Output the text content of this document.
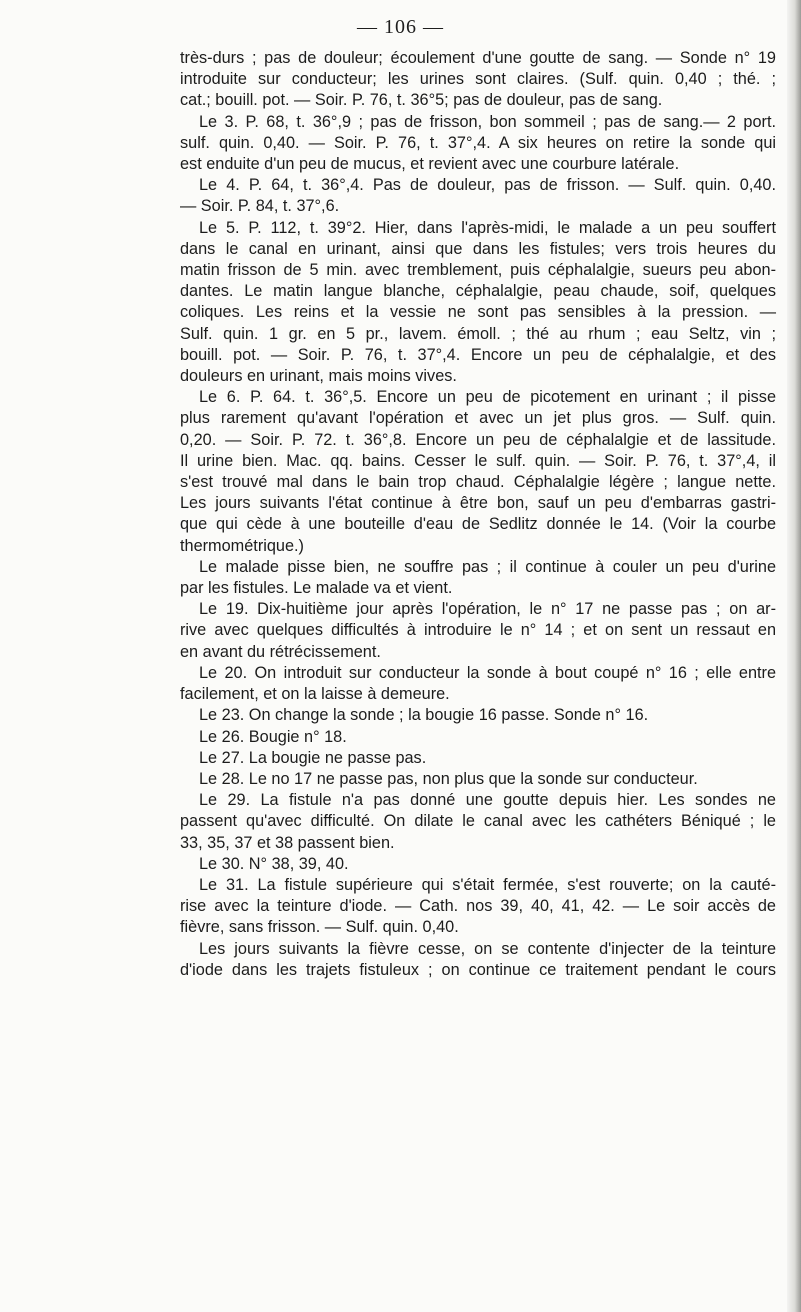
— 106 —
très-durs ; pas de douleur; écoulement d'une goutte de sang. — Sonde n° 19
introduite sur conducteur; les urines sont claires. (Sulf. quin. 0,40 ; thé. ;
cat.; bouill. pot. — Soir. P. 76, t. 36°5; pas de douleur, pas de sang.
Le 3. P. 68, t. 36°,9 ; pas de frisson, bon sommeil ; pas de sang.— 2 port.
sulf. quin. 0,40. — Soir. P. 76, t. 37°,4. A six heures on retire la sonde qui
est enduite d'un peu de mucus, et revient avec une courbure latérale.
Le 4. P. 64, t. 36°,4. Pas de douleur, pas de frisson. — Sulf. quin. 0,40.
— Soir. P. 84, t. 37°,6.
Le 5. P. 112, t. 39°2. Hier, dans l'après-midi, le malade a un peu souffert
dans le canal en urinant, ainsi que dans les fistules; vers trois heures du
matin frisson de 5 min. avec tremblement, puis céphalalgie, sueurs peu abon-
dantes. Le matin langue blanche, céphalalgie, peau chaude, soif, quelques
coliques. Les reins et la vessie ne sont pas sensibles à la pression. —
Sulf. quin. 1 gr. en 5 pr., lavem. émoll. ; thé au rhum ; eau Seltz, vin ;
bouill. pot. — Soir. P. 76, t. 37°,4. Encore un peu de céphalalgie, et des
douleurs en urinant, mais moins vives.
Le 6. P. 64. t. 36°,5. Encore un peu de picotement en urinant ; il pisse
plus rarement qu'avant l'opération et avec un jet plus gros. — Sulf. quin.
0,20. — Soir. P. 72. t. 36°,8. Encore un peu de céphalalgie et de lassitude.
Il urine bien. Mac. qq. bains. Cesser le sulf. quin. — Soir. P. 76, t. 37°,4, il
s'est trouvé mal dans le bain trop chaud. Céphalalgie légère ; langue nette.
Les jours suivants l'état continue à être bon, sauf un peu d'embarras gastri-
que qui cède à une bouteille d'eau de Sedlitz donnée le 14. (Voir la courbe
thermométrique.)
Le malade pisse bien, ne souffre pas ; il continue à couler un peu d'urine
par les fistules. Le malade va et vient.
Le 19. Dix-huitième jour après l'opération, le n° 17 ne passe pas ; on ar-
rive avec quelques difficultés à introduire le n° 14 ; et on sent un ressaut en
en avant du rétrécissement.
Le 20. On introduit sur conducteur la sonde à bout coupé n° 16 ; elle entre
facilement, et on la laisse à demeure.
Le 23. On change la sonde ; la bougie 16 passe. Sonde n° 16.
Le 26. Bougie n° 18.
Le 27. La bougie ne passe pas.
Le 28. Le no 17 ne passe pas, non plus que la sonde sur conducteur.
Le 29. La fistule n'a pas donné une goutte depuis hier. Les sondes ne
passent qu'avec difficulté. On dilate le canal avec les cathéters Béniqué ; le
33, 35, 37 et 38 passent bien.
Le 30. N° 38, 39, 40.
Le 31. La fistule supérieure qui s'était fermée, s'est rouverte; on la cauté-
rise avec la teinture d'iode. — Cath. nos 39, 40, 41, 42. — Le soir accès de
fièvre, sans frisson. — Sulf. quin. 0,40.
Les jours suivants la fièvre cesse, on se contente d'injecter de la teinture
d'iode dans les trajets fistuleux ; on continue ce traitement pendant le cours
